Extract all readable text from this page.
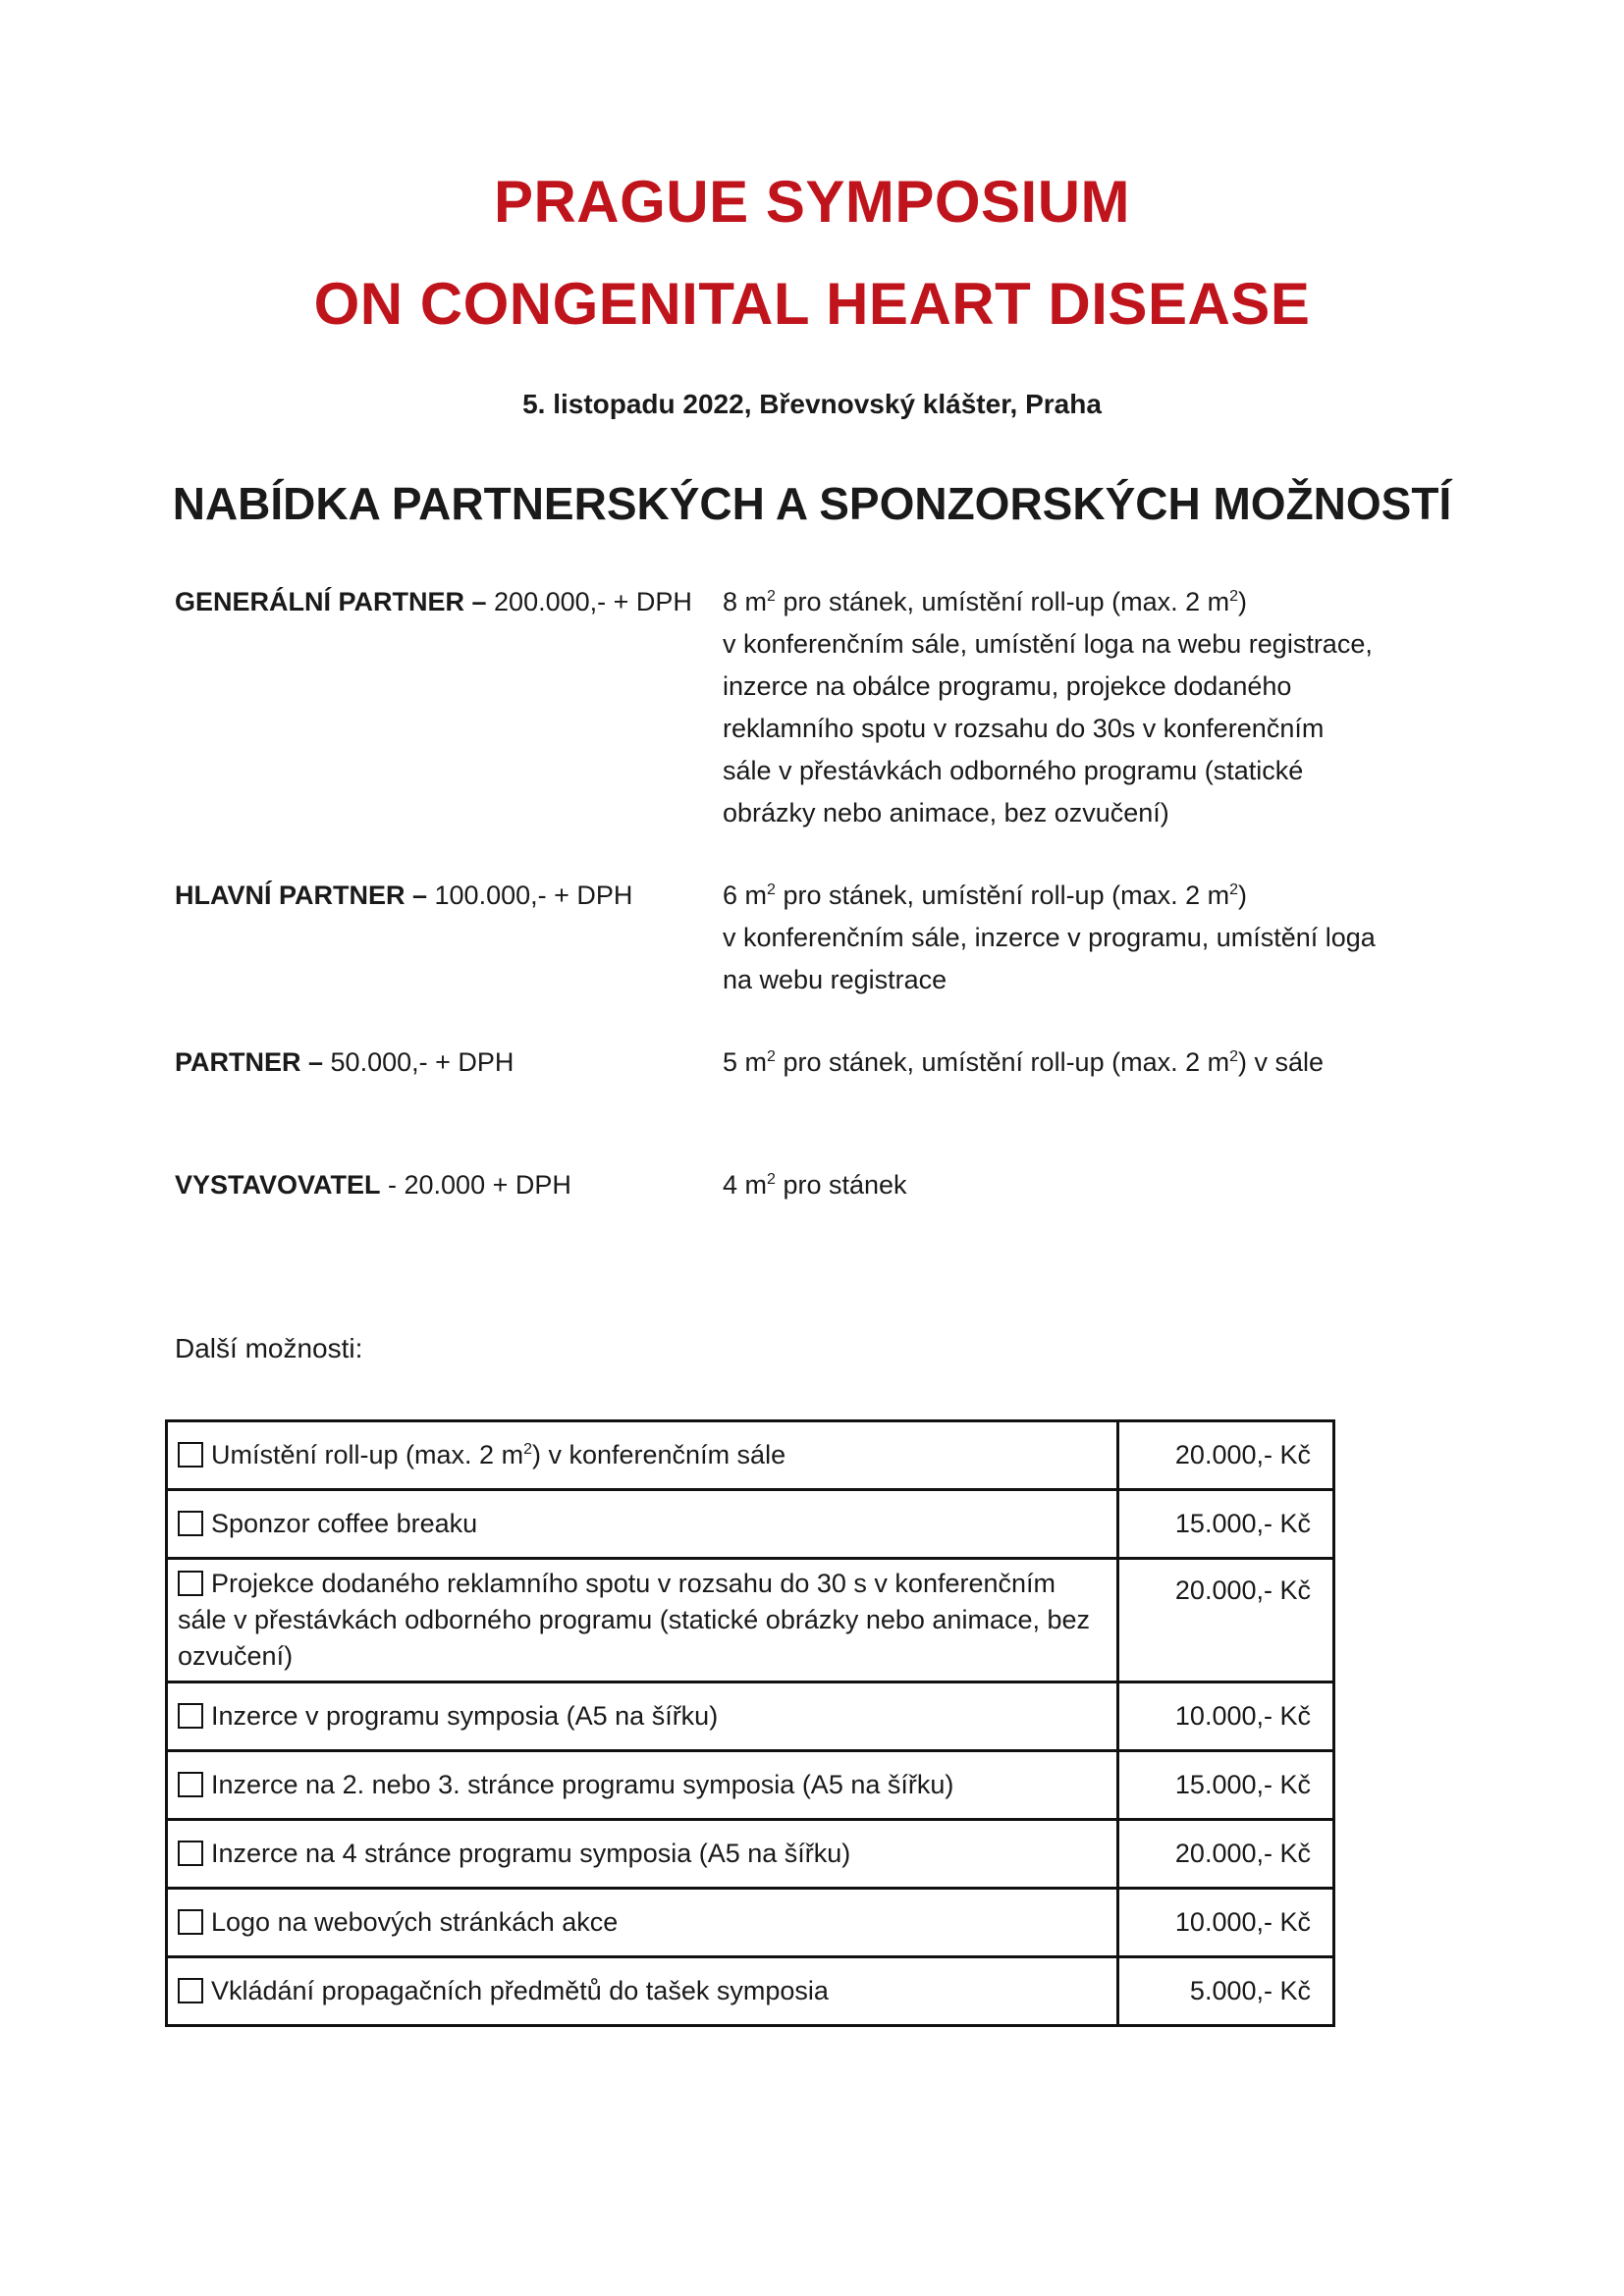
PRAGUE SYMPOSIUM
ON CONGENITAL HEART DISEASE
5. listopadu 2022, Břevnovský klášter, Praha
NABÍDKA PARTNERSKÝCH A SPONZORSKÝCH MOŽNOSTÍ
GENERÁLNÍ PARTNER – 200.000,- + DPH	8 $m^2$ pro stánek, umístění roll-up (max. 2 $m^2$)
v konferenčním sále, umístění loga na webu registrace,
inzerce na obálce programu, projekce dodaného
reklamního spotu v rozsahu do 30s v konferenčním
sále v přestávkách odborného programu (statické
obrázky nebo animace, bez ozvučení)
HLAVNÍ PARTNER – 100.000,- + DPH	6 $m^2$ pro stánek, umístění roll-up (max. 2 $m^2$)
v konferenčním sále, inzerce v programu, umístění loga
na webu registrace
PARTNER – 50.000,- + DPH	5 $m^2$ pro stánek, umístění roll-up (max. 2 $m^2$) v sále
VYSTAVOVATEL - 20.000 + DPH	4 $m^2$ pro stánek
Další možnosti:
Umístění roll-up (max. 2 $m^2$) v konferenčním sále	20.000,- Kč
Sponzor coffee breaku	15.000,- Kč
Projekce dodaného reklamního spotu v rozsahu do 30 s v konferenčním sále v přestávkách odborného programu (statické obrázky nebo animace, bez ozvučení)	20.000,- Kč
Inzerce v programu symposia (A5 na šířku)	10.000,- Kč
Inzerce na 2. nebo 3. stránce programu symposia (A5 na šířku)	15.000,- Kč
Inzerce na 4 stránce programu symposia (A5 na šířku)	20.000,- Kč
Logo na webových stránkách akce	10.000,- Kč
Vkládání propagačních předmětů do tašek symposia	5.000,- Kč
